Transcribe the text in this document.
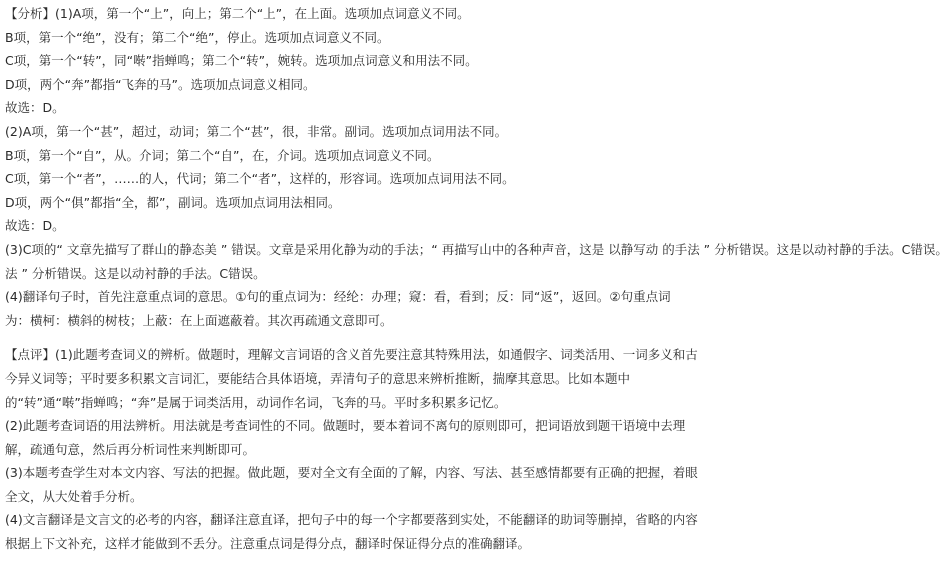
【分析】(1)A项，第一个“上”，向上；第二个“上”，在上面。选项加点词意义不同。
B项，第一个“绝”，没有；第二个“绝”，停止。选项加点词意义不同。
C项，第一个“转”，同“啭”指蝉鸣；第二个“转”，婉转。选项加点词意义和用法不同。
D项，两个“奔”都指“飞奔的马”。选项加点词意义相同。
故选：D。
(2)A项，第一个“甚”，超过，动词；第二个“甚”，很，非常。副词。选项加点词用法不同。
B项，第一个“自”，从。介词；第二个“自”，在，介词。选项加点词意义不同。
C项，第一个“者”，……的人，代词；第二个“者”，这样的，形容词。选项加点词用法不同。
D项，两个“俱”都指“全，都”，副词。选项加点词用法相同。
故选：D。
(3)C项的“ 文章先描写了群山的静态美 ” 错误。文章是采用化静为动的手法；“ 再描写山中的各种声音，这是 以静写动 的手法 ” 分析错误。这是以动衬静的手法。C错误。
法 ” 分析错误。这是以动衬静的手法。C错误。
(4)翻译句子时，首先注意重点词的意思。①句的重点词为：经纶：办理；窥：看，看到；反：同“返”，返回。②句重点词
为：横柯：横斜的树枝；上蔽：在上面遮蔽着。其次再疏通文意即可。
【点评】(1)此题考查词义的辨析。做题时，理解文言词语的含义首先要注意其特殊用法，如通假字、词类活用、一词多义和古
今异义词等；平时要多积累文言词汇，要能结合具体语境，弄清句子的意思来辨析推断，揣摩其意思。比如本题中
的“转”通“啭”指蝉鸣；“奔”是属于词类活用，动词作名词，飞奔的马。平时多积累多记忆。
(2)此题考查词语的用法辨析。用法就是考查词性的不同。做题时，要本着词不离句的原则即可，把词语放到题干语境中去理
解，疏通句意，然后再分析词性来判断即可。
(3)本题考查学生对本文内容、写法的把握。做此题，要对全文有全面的了解，内容、写法、甚至感情都要有正确的把握，着眼
全文，从大处着手分析。
(4)文言翻译是文言文的必考的内容，翻译注意直译，把句子中的每一个字都要落到实处，不能翻译的助词等删掉，省略的内容
根据上下文补充，这样才能做到不丢分。注意重点词是得分点，翻译时保证得分点的准确翻译。
